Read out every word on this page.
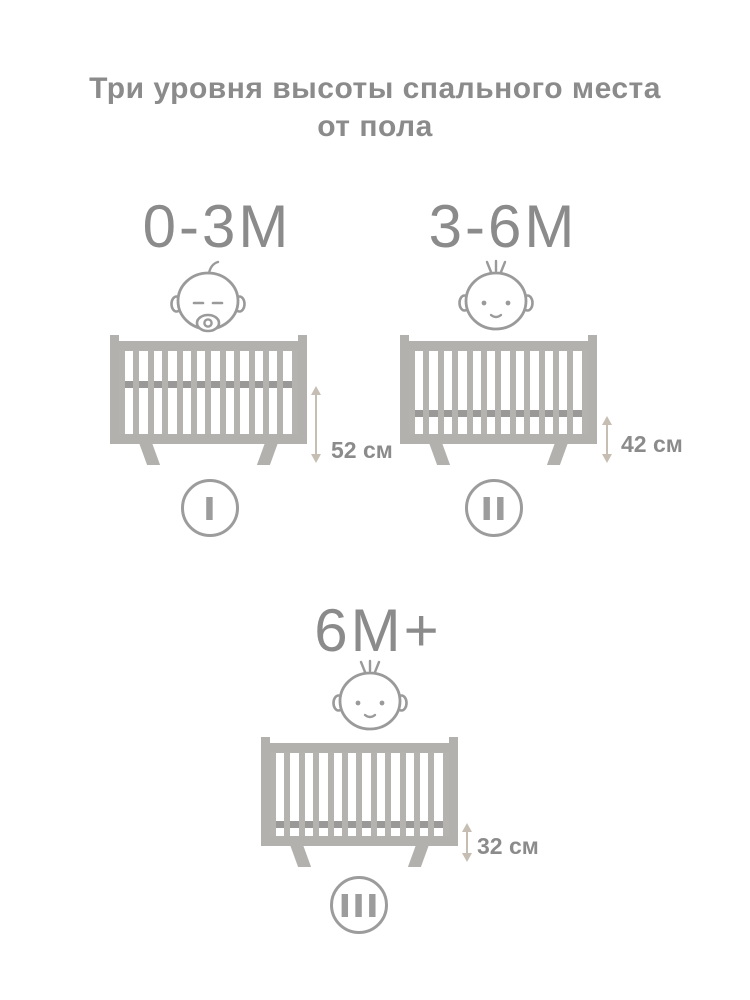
Три уровня высоты спального места
от пола
0-3M 3-6M
6M+
52 см	42 см
32 см
I	II
III
